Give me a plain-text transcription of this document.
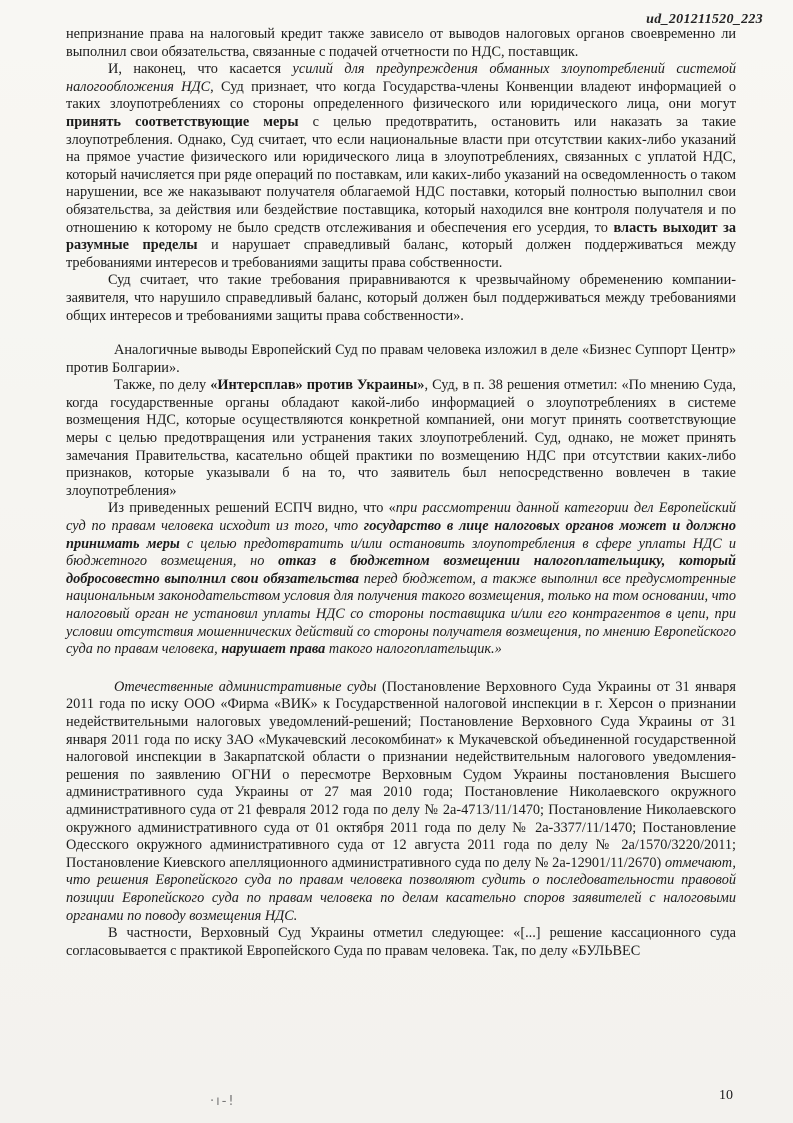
ud_201211520_223

непризнание права на налоговый кредит также зависело от выводов налоговых органов своевременно ли выполнил свои обязательства, связанные с подачей отчетности по НДС, поставщик.

И, наконец, что касается усилий для предупреждения обманных злоупотреблений системой налогообложения НДС, Суд признает, что когда Государства-члены Конвенции владеют информацией о таких злоупотреблениях со стороны определенного физического или юридического лица, они могут принять соответствующие меры с целью предотвратить, остановить или наказать за такие злоупотребления. Однако, Суд считает, что если национальные власти при отсутствии каких-либо указаний на прямое участие физического или юридического лица в злоупотреблениях, связанных с уплатой НДС, который начисляется при ряде операций по поставкам, или каких-либо указаний на осведомленность о таком нарушении, все же наказывают получателя облагаемой НДС поставки, который полностью выполнил свои обязательства, за действия или бездействие поставщика, который находился вне контроля получателя и по отношению к которому не было средств отслеживания и обеспечения его усердия, то власть выходит за разумные пределы и нарушает справедливый баланс, который должен поддерживаться между требованиями интересов и требованиями защиты права собственности.

Суд считает, что такие требования приравниваются к чрезвычайному обременению компании-заявителя, что нарушило справедливый баланс, который должен был поддерживаться между требованиями общих интересов и требованиями защиты права собственности».

Аналогичные выводы Европейский Суд по правам человека изложил в деле «Бизнес Суппорт Центр» против Болгарии».

Также, по делу «Интерсплав» против Украины», Суд, в п. 38 решения отметил: «По мнению Суда, когда государственные органы обладают какой-либо информацией о злоупотреблениях в системе возмещения НДС, которые осуществляются конкретной компанией, они могут принять соответствующие меры с целью предотвращения или устранения таких злоупотреблений. Суд, однако, не может принять замечания Правительства, касательно общей практики по возмещению НДС при отсутствии каких-либо признаков, которые указывали б на то, что заявитель был непосредственно вовлечен в такие злоупотребления»

Из приведенных решений ЕСПЧ видно, что «при рассмотрении данной категории дел Европейский суд по правам человека исходит из того, что государство в лице налоговых органов может и должно принимать меры с целью предотвратить и/или остановить злоупотребления в сфере уплаты НДС и бюджетного возмещения, но отказ в бюджетном возмещении налогоплательщику, который добросовестно выполнил свои обязательства перед бюджетом, а также выполнил все предусмотренные национальным законодательством условия для получения такого возмещения, только на том основании, что налоговый орган не установил уплаты НДС со стороны поставщика и/или его контрагентов в цепи, при условии отсутствия мошеннических действий со стороны получателя возмещения, по мнению Европейского суда по правам человека, нарушает права такого налогоплательщик.»

Отечественные административные суды (Постановление Верховного Суда Украины от 31 января 2011 года по иску ООО «Фирма «ВИК» к Государственной налоговой инспекции в г. Херсон о признании недействительными налоговых уведомлений-решений; Постановление Верховного Суда Украины от 31 января 2011 года по иску ЗАО «Мукачевский лесокомбинат» к Мукачевской объединенной государственной налоговой инспекции в Закарпатской области о признании недействительным налогового уведомления-решения по заявлению ОГНИ о пересмотре Верховным Судом Украины постановления Высшего административного суда Украины от 27 мая 2010 года; Постановление Николаевского окружного административного суда от 21 февраля 2012 года по делу № 2а-4713/11/1470; Постановление Николаевского окружного административного суда от 01 октября 2011 года по делу № 2а-3377/11/1470; Постановление Одесского окружного административного суда от 12 августа 2011 года по делу № 2а/1570/3220/2011; Постановление Киевского апелляционного административного суда по делу № 2а-12901/11/2670) отмечают, что решения Европейского суда по правам человека позволяют судить о последовательности правовой позиции Европейского суда по правам человека по делам касательно споров заявителей с налоговыми органами по поводу возмещения НДС.

В частности, Верховный Суд Украины отметил следующее: «[...] решение кассационного суда согласовывается с практикой Европейского Суда по правам человека. Так, по делу «БУЛЬВЕС

·ı-!	10
